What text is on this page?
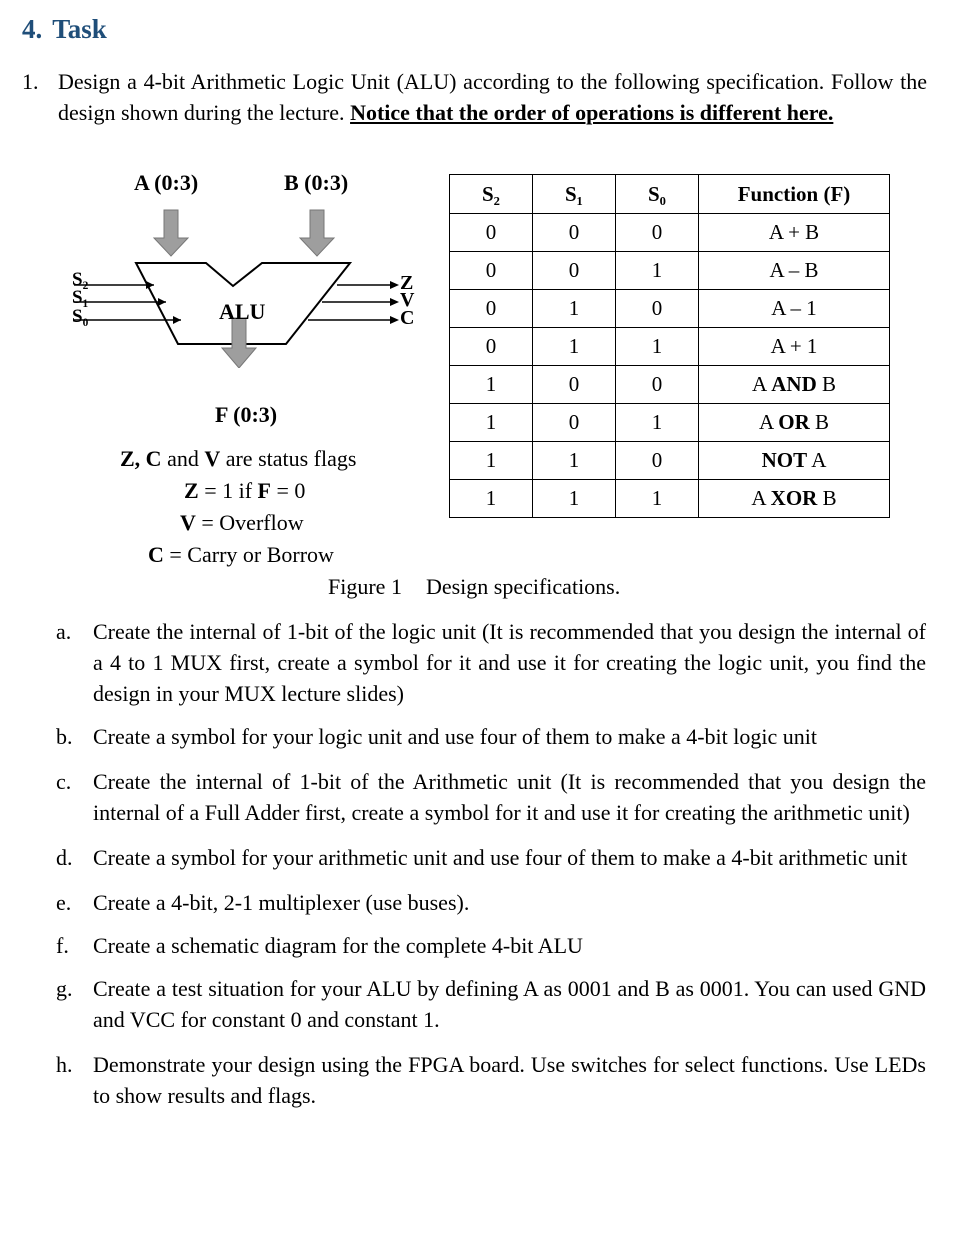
4. Task
1. Design a 4-bit Arithmetic Logic Unit (ALU) according to the following specification. Follow the design shown during the lecture. Notice that the order of operations is different here.
A (0:3)	B (0:3)
S₂
S₁
S₀	ALU
Z
V
C
F (0:3)
Z, C and V are status flags
Z = 1 if F = 0
V = Overflow
C = Carry or Borrow
S₂	S₁	S₀	Function (F)
0	0	0	A + B
0	0	1	A – B
0	1	0	A – 1
0	1	1	A + 1
1	0	0	A AND B
1	0	1	A OR B
1	1	0	NOT A
1	1	1	A XOR B
Figure 1 Design specifications.
a. Create the internal of 1-bit of the logic unit (It is recommended that you design the internal of a 4 to 1 MUX first, create a symbol for it and use it for creating the logic unit, you find the design in your MUX lecture slides)
b. Create a symbol for your logic unit and use four of them to make a 4-bit logic unit
c. Create the internal of 1-bit of the Arithmetic unit (It is recommended that you design the internal of a Full Adder first, create a symbol for it and use it for creating the arithmetic unit)
d. Create a symbol for your arithmetic unit and use four of them to make a 4-bit arithmetic unit
e. Create a 4-bit, 2-1 multiplexer (use buses).
f. Create a schematic diagram for the complete 4-bit ALU
g. Create a test situation for your ALU by defining A as 0001 and B as 0001. You can used GND and VCC for constant 0 and constant 1.
h. Demonstrate your design using the FPGA board. Use switches for select functions. Use LEDs to show results and flags.
